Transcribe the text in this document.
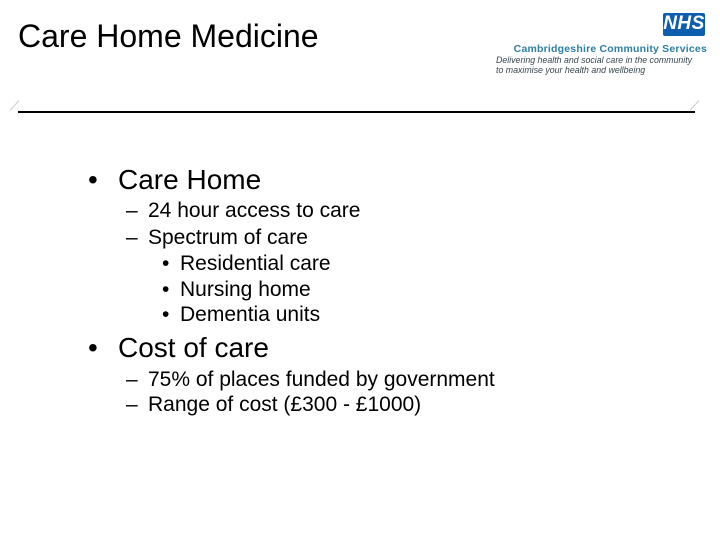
Care Home Medicine	NHS
Cambridgeshire Community Services
Delivering health and social care in the community
to maximise your health and wellbeing
• Care Home
– 24 hour access to care
– Spectrum of care
• Residential care
• Nursing home
• Dementia units
• Cost of care
– 75% of places funded by government
– Range of cost (£300 - £1000)
